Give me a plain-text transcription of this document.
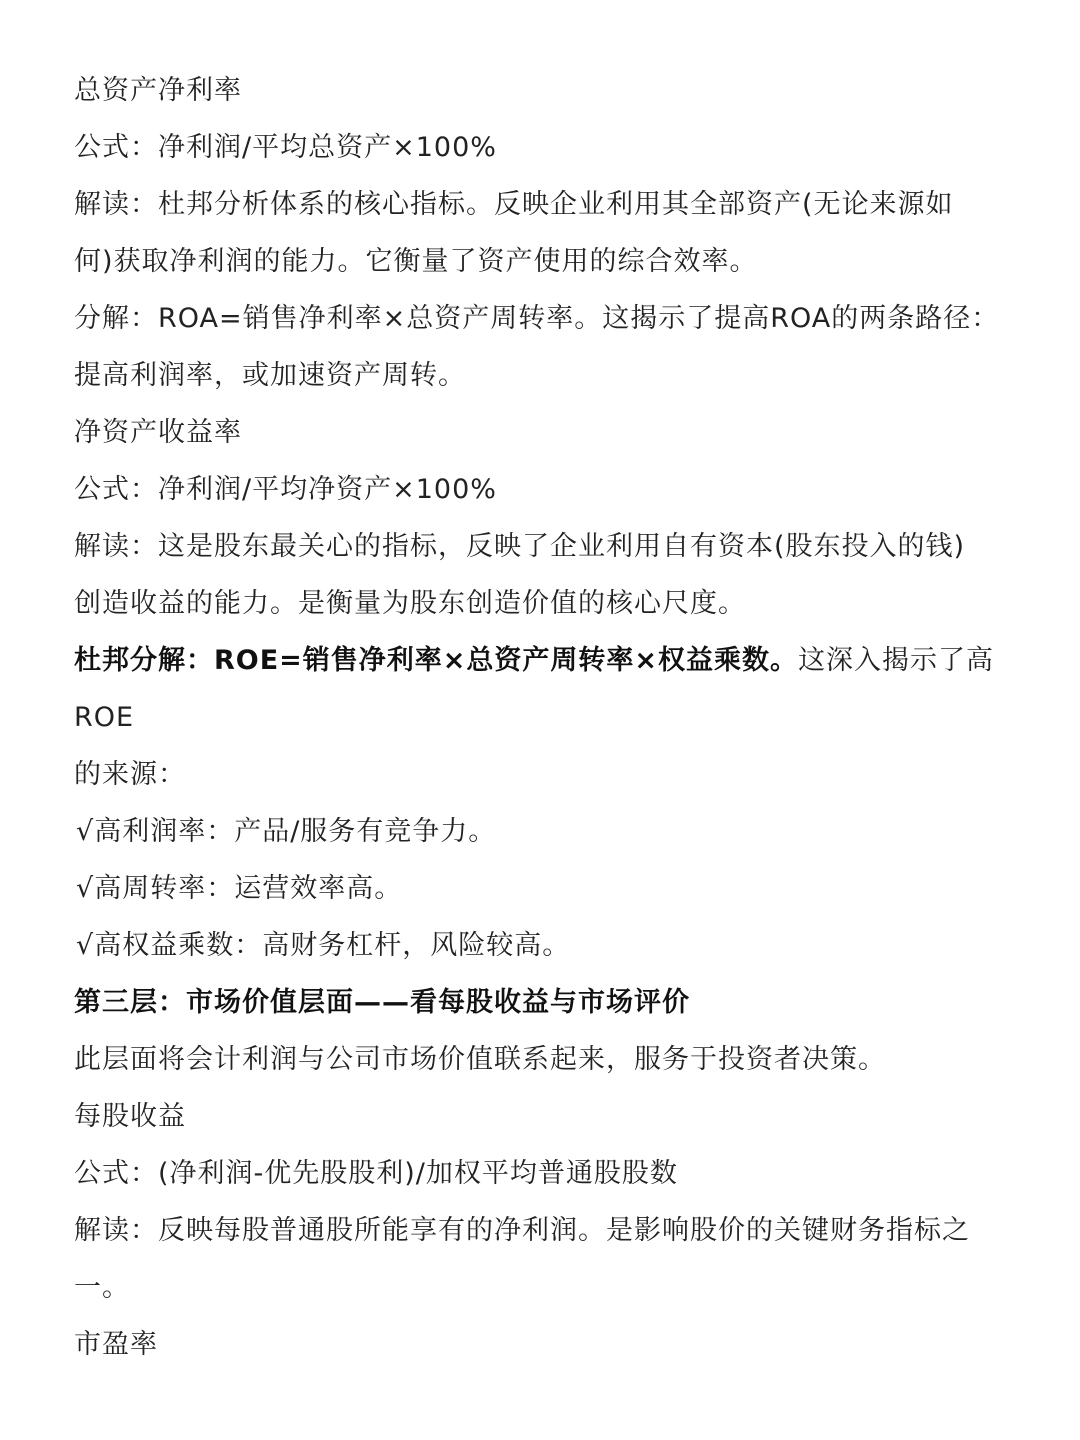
总资产净利率
公式：净利润/平均总资产×100%
解读：杜邦分析体系的核心指标。反映企业利用其全部资产(无论来源如
何)获取净利润的能力。它衡量了资产使用的综合效率。
分解：ROA=销售净利率×总资产周转率。这揭示了提高ROA的两条路径：
提高利润率，或加速资产周转。
净资产收益率
公式：净利润/平均净资产×100%
解读：这是股东最关心的指标，反映了企业利用自有资本(股东投入的钱)
创造收益的能力。是衡量为股东创造价值的核心尺度。
杜邦分解：ROE=销售净利率×总资产周转率×权益乘数。这深入揭示了高
ROE
的来源：
√高利润率：产品/服务有竞争力。
√高周转率：运营效率高。
√高权益乘数：高财务杠杆，风险较高。
第三层：市场价值层面——看每股收益与市场评价
此层面将会计利润与公司市场价值联系起来，服务于投资者决策。
每股收益
公式：(净利润-优先股股利)/加权平均普通股股数
解读：反映每股普通股所能享有的净利润。是影响股价的关键财务指标之
一。
市盈率
